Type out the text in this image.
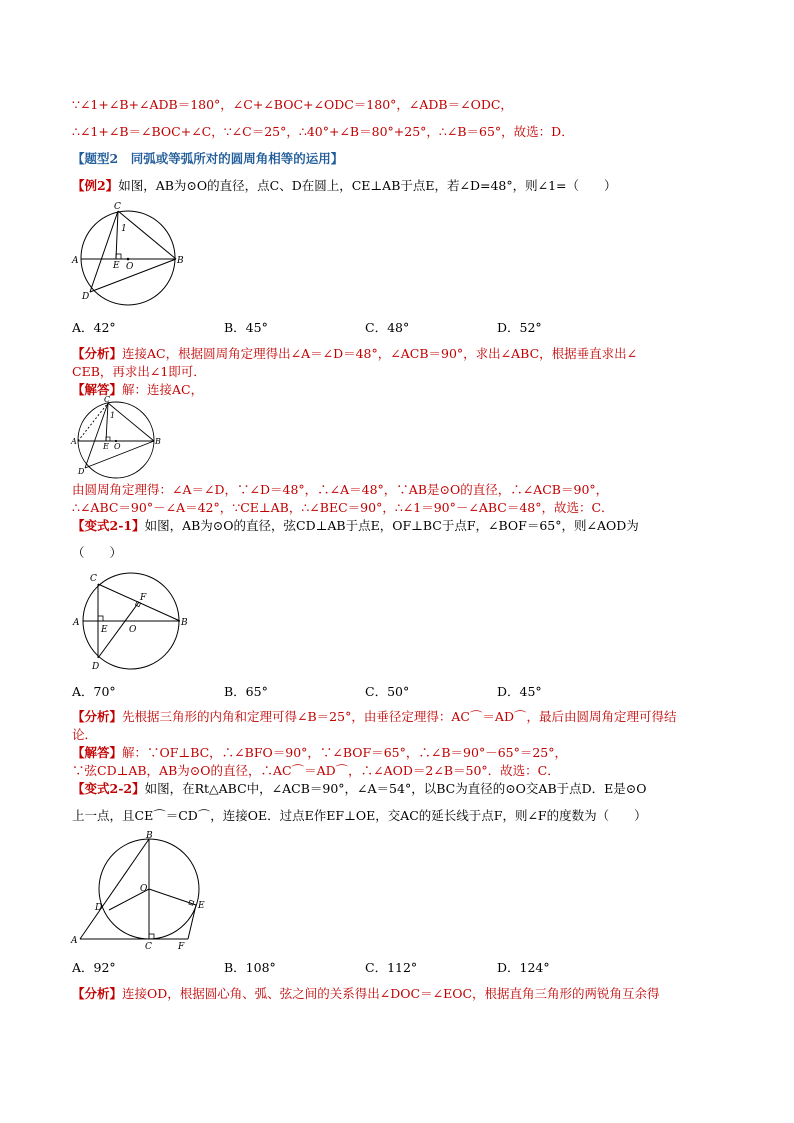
∵∠1+∠B+∠ADB＝180°，∠C+∠BOC+∠ODC＝180°，∠ADB＝∠ODC，
∴∠1+∠B＝∠BOC+∠C，∵∠C＝25°，∴40°+∠B＝80°+25°，∴∠B＝65°，故选：D．
【题型2　同弧或等弧所对的圆周角相等的运用】
【例2】如图，AB为⊙O的直径，点C、D在圆上，CE⊥AB于点E，若∠D=48°，则∠1=（　　）
C
1
A	E O
B
D
A．42°	B．45°	C．48°	D．52°
【分析】连接AC，根据圆周角定理得出∠A＝∠D＝48°，∠ACB＝90°，求出∠ABC，根据垂直求出∠
CEB，再求出∠1即可．
【解答】解：连接AC，
C
1
A
E O
B
D
由圆周角定理得：∠A＝∠D，∵∠D＝48°，∴∠A＝48°，∵AB是⊙O的直径，∴∠ACB＝90°，
∴∠ABC＝90°－∠A＝42°，∵CE⊥AB，∴∠BEC＝90°，∴∠1＝90°－∠ABC＝48°，故选：C．
【变式2-1】如图，AB为⊙O的直径，弦CD⊥AB于点E，OF⊥BC于点F，∠BOF＝65°，则∠AOD为
（　　）
C
F
A
E O
B
D
A．70°	B．65°	C．50°	D．45°
【分析】先根据三角形的内角和定理可得∠B＝25°，由垂径定理得：AC⌒＝AD⌒，最后由圆周角定理可得结
论．
【解答】解：∵OF⊥BC，∴∠BFO＝90°，∵∠BOF＝65°，∴∠B＝90°－65°＝25°，
∵弦CD⊥AB，AB为⊙O的直径，∴AC⌒＝AD⌒，∴∠AOD＝2∠B＝50°．故选：C．
【变式2-2】如图，在Rt△ABC中，∠ACB＝90°，∠A＝54°，以BC为直径的⊙O交AB于点D．E是⊙O
上一点，且CE⌒＝CD⌒，连接OE．过点E作EF⊥OE，交AC的延长线于点F，则∠F的度数为（　　）
B
O
D	E
A
C	F
A．92°	B．108°	C．112°	D．124°
【分析】连接OD，根据圆心角、弧、弦之间的关系得出∠DOC＝∠EOC，根据直角三角形的两锐角互余得
